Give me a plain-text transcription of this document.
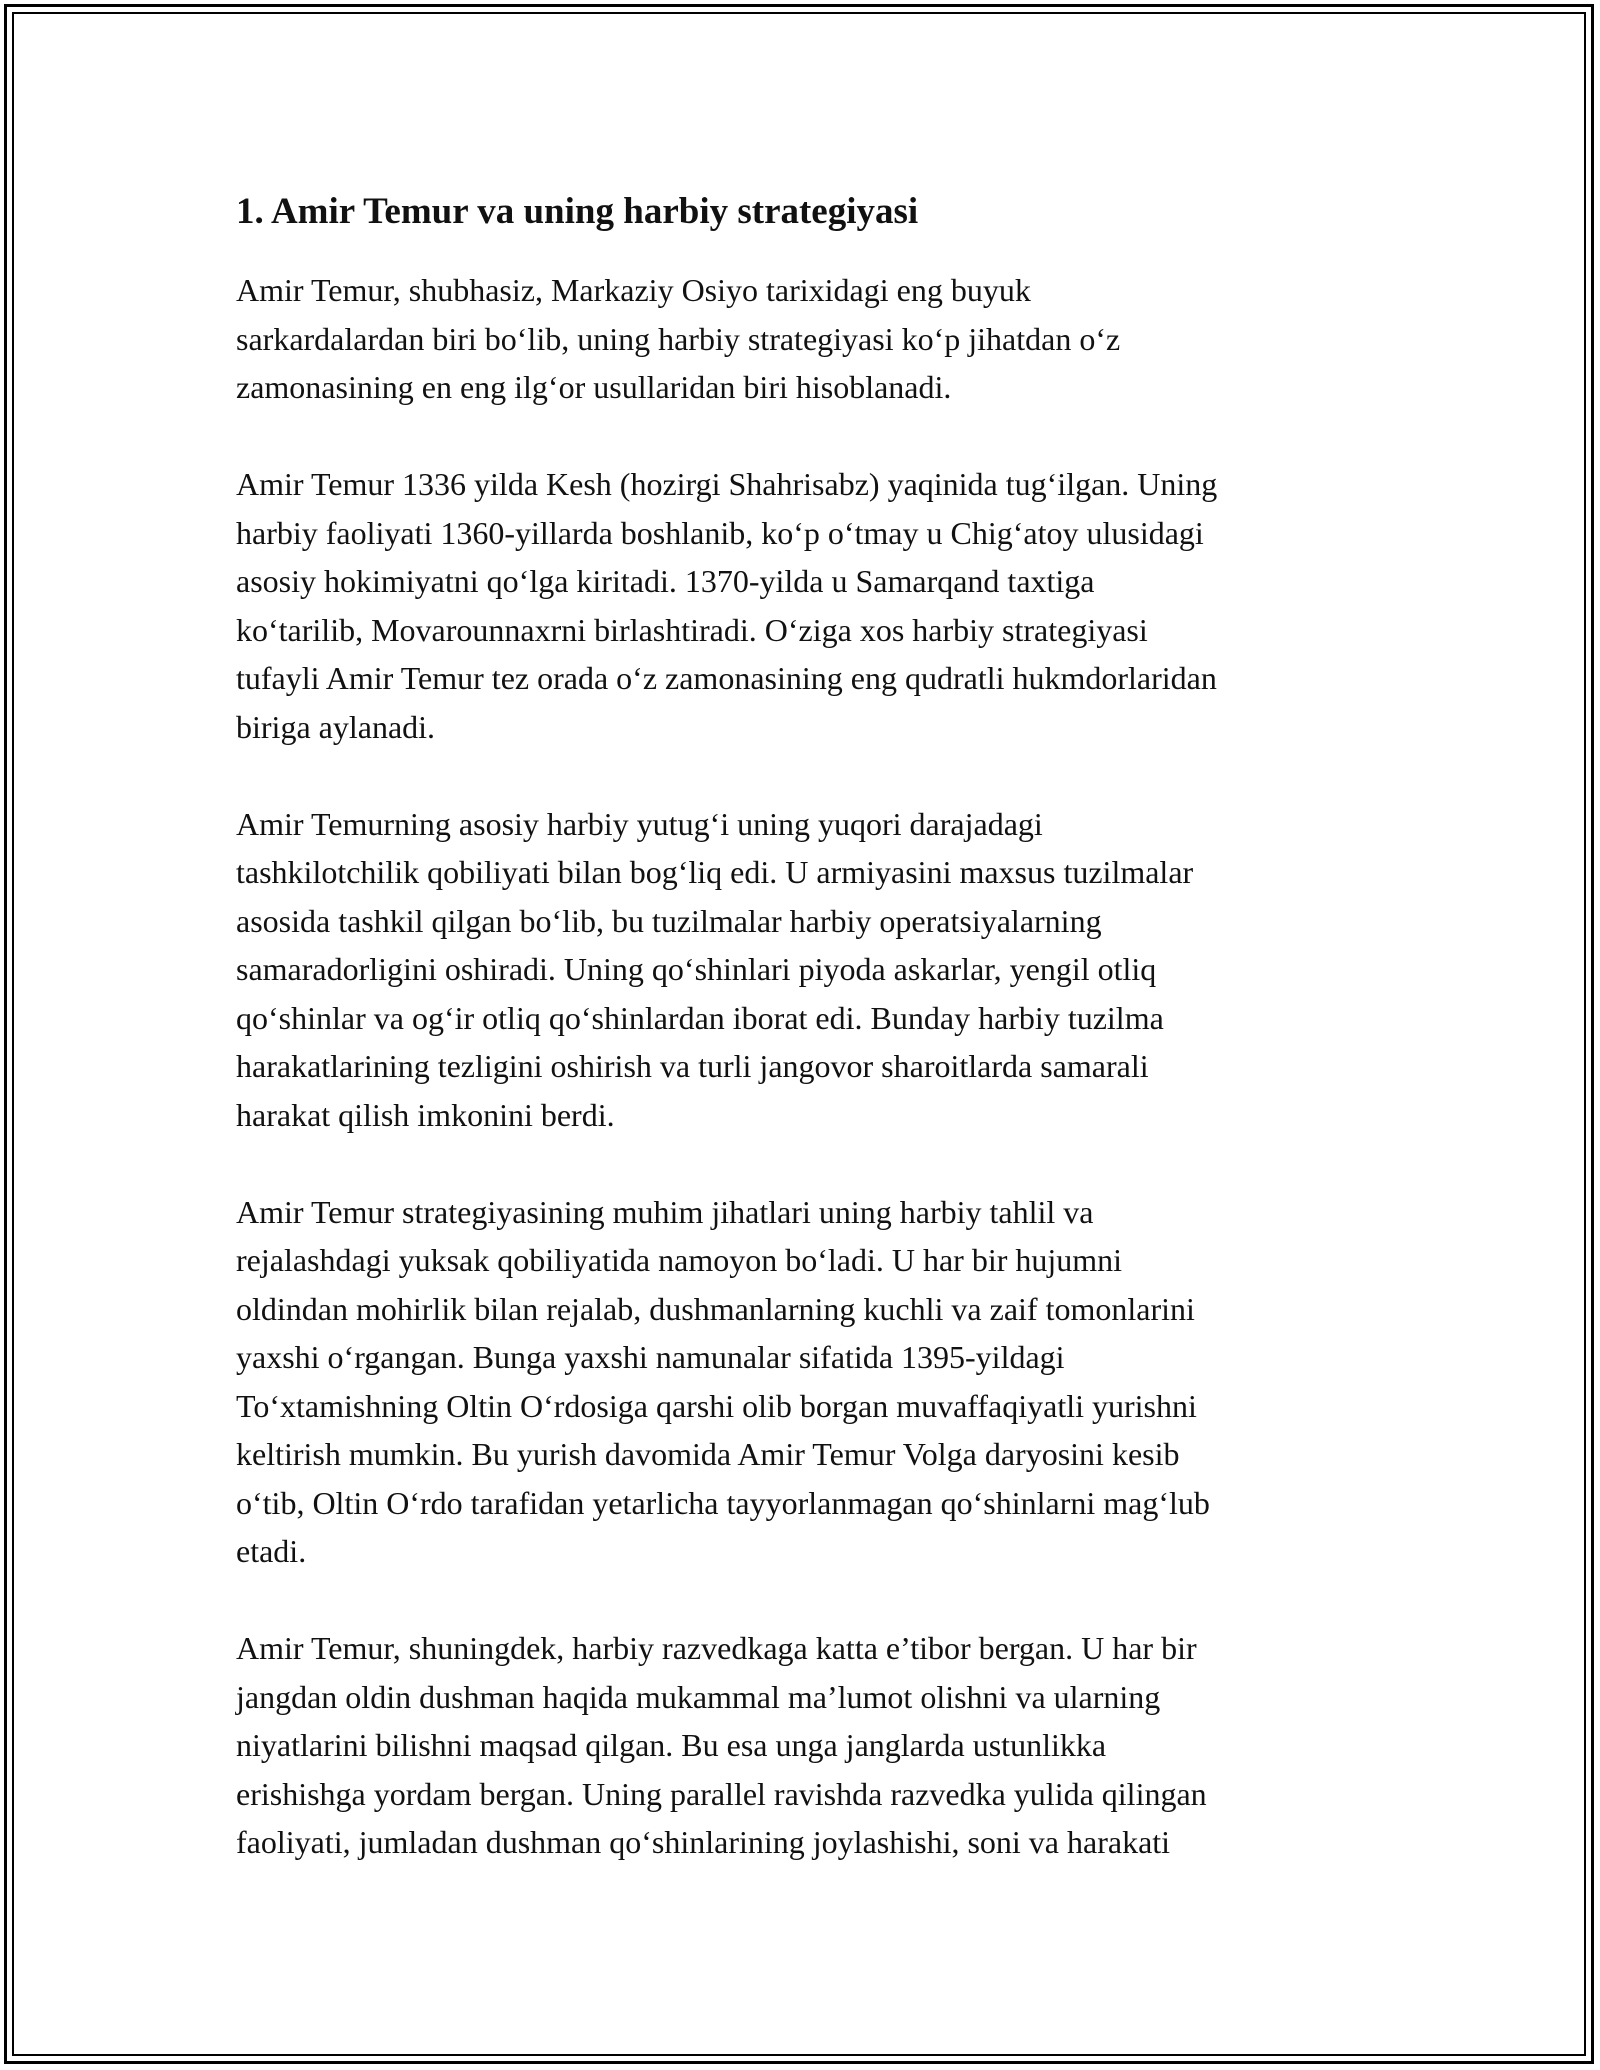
1. Amir Temur va uning harbiy strategiyasi
Amir Temur, shubhasiz, Markaziy Osiyo tarixidagi eng buyuk
sarkardalardan biri bo‘lib, uning harbiy strategiyasi ko‘p jihatdan o‘z
zamonasining en eng ilg‘or usullaridan biri hisoblanadi.
Amir Temur 1336 yilda Kesh (hozirgi Shahrisabz) yaqinida tug‘ilgan. Uning
harbiy faoliyati 1360-yillarda boshlanib, ko‘p o‘tmay u Chig‘atoy ulusidagi
asosiy hokimiyatni qo‘lga kiritadi. 1370-yilda u Samarqand taxtiga
ko‘tarilib, Movarounnaxrni birlashtiradi. O‘ziga xos harbiy strategiyasi
tufayli Amir Temur tez orada o‘z zamonasining eng qudratli hukmdorlaridan
biriga aylanadi.
Amir Temurning asosiy harbiy yutug‘i uning yuqori darajadagi
tashkilotchilik qobiliyati bilan bog‘liq edi. U armiyasini maxsus tuzilmalar
asosida tashkil qilgan bo‘lib, bu tuzilmalar harbiy operatsiyalarning
samaradorligini oshiradi. Uning qo‘shinlari piyoda askarlar, yengil otliq
qo‘shinlar va og‘ir otliq qo‘shinlardan iborat edi. Bunday harbiy tuzilma
harakatlarining tezligini oshirish va turli jangovor sharoitlarda samarali
harakat qilish imkonini berdi.
Amir Temur strategiyasining muhim jihatlari uning harbiy tahlil va
rejalashdagi yuksak qobiliyatida namoyon bo‘ladi. U har bir hujumni
oldindan mohirlik bilan rejalab, dushmanlarning kuchli va zaif tomonlarini
yaxshi o‘rgangan. Bunga yaxshi namunalar sifatida 1395-yildagi
To‘xtamishning Oltin O‘rdosiga qarshi olib borgan muvaffaqiyatli yurishni
keltirish mumkin. Bu yurish davomida Amir Temur Volga daryosini kesib
o‘tib, Oltin O‘rdo tarafidan yetarlicha tayyorlanmagan qo‘shinlarni mag‘lub
etadi.
Amir Temur, shuningdek, harbiy razvedkaga katta e’tibor bergan. U har bir
jangdan oldin dushman haqida mukammal ma’lumot olishni va ularning
niyatlarini bilishni maqsad qilgan. Bu esa unga janglarda ustunlikka
erishishga yordam bergan. Uning parallel ravishda razvedka yulida qilingan
faoliyati, jumladan dushman qo‘shinlarining joylashishi, soni va harakati
